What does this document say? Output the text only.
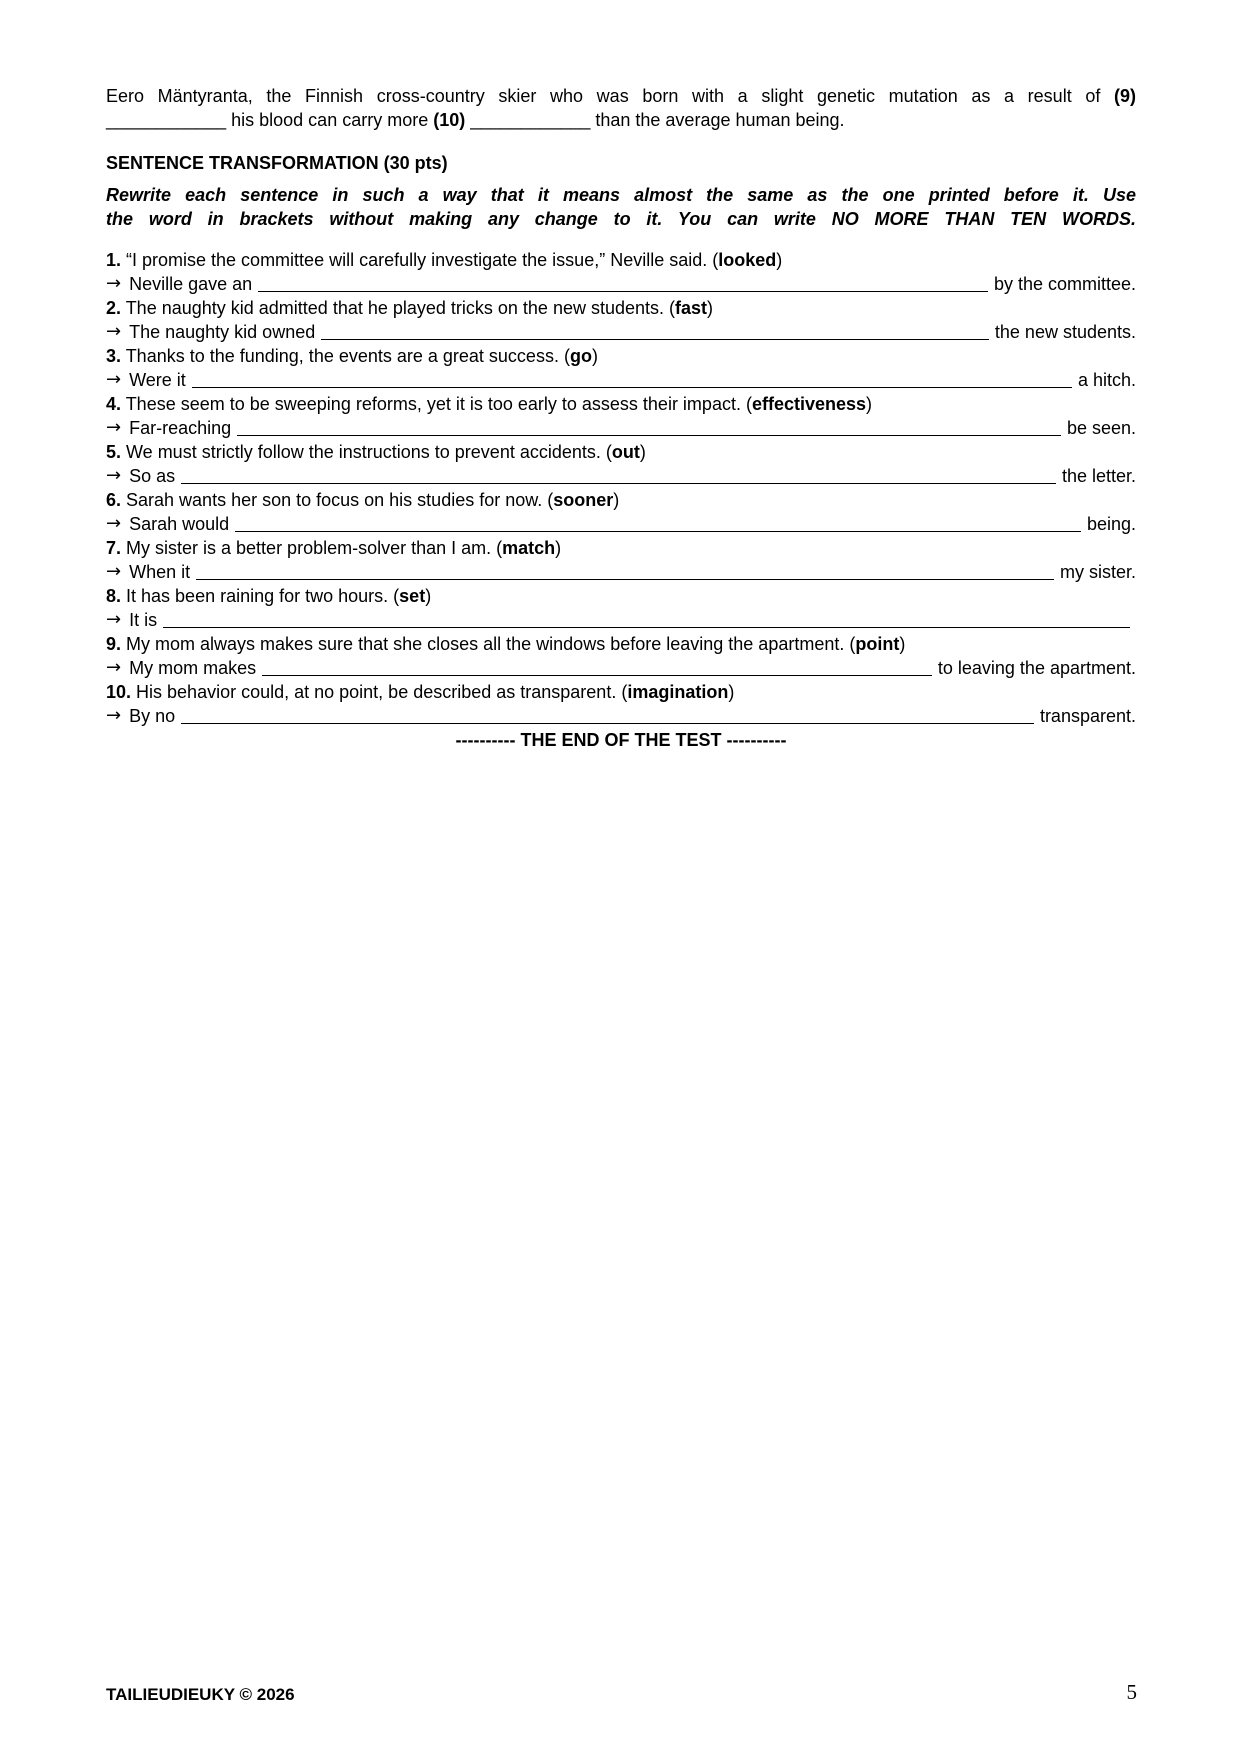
Eero Mäntyranta, the Finnish cross-country skier who was born with a slight genetic mutation as a result of (9)
____________ his blood can carry more (10) ____________ than the average human being.
SENTENCE TRANSFORMATION (30 pts)
Rewrite each sentence in such a way that it means almost the same as the one printed before it. Use
the word in brackets without making any change to it. You can write NO MORE THAN TEN WORDS.
1. “I promise the committee will carefully investigate the issue,” Neville said. (looked)
→ Neville gave an	by the committee.
2. The naughty kid admitted that he played tricks on the new students. (fast)
→ The naughty kid owned	the new students.
3. Thanks to the funding, the events are a great success. (go)
→ Were it	a hitch.
4. These seem to be sweeping reforms, yet it is too early to assess their impact. (effectiveness)
→ Far-reaching	be seen.
5. We must strictly follow the instructions to prevent accidents. (out)
→ So as	the letter.
6. Sarah wants her son to focus on his studies for now. (sooner)
→ Sarah would	being.
7. My sister is a better problem-solver than I am. (match)
→ When it	my sister.
8. It has been raining for two hours. (set)
→ It is
9. My mom always makes sure that she closes all the windows before leaving the apartment. (point)
→ My mom makes	to leaving the apartment.
10. His behavior could, at no point, be described as transparent. (imagination)
→ By no	transparent.
---------- THE END OF THE TEST ----------
TAILIEUDIEUKY © 2026	5
